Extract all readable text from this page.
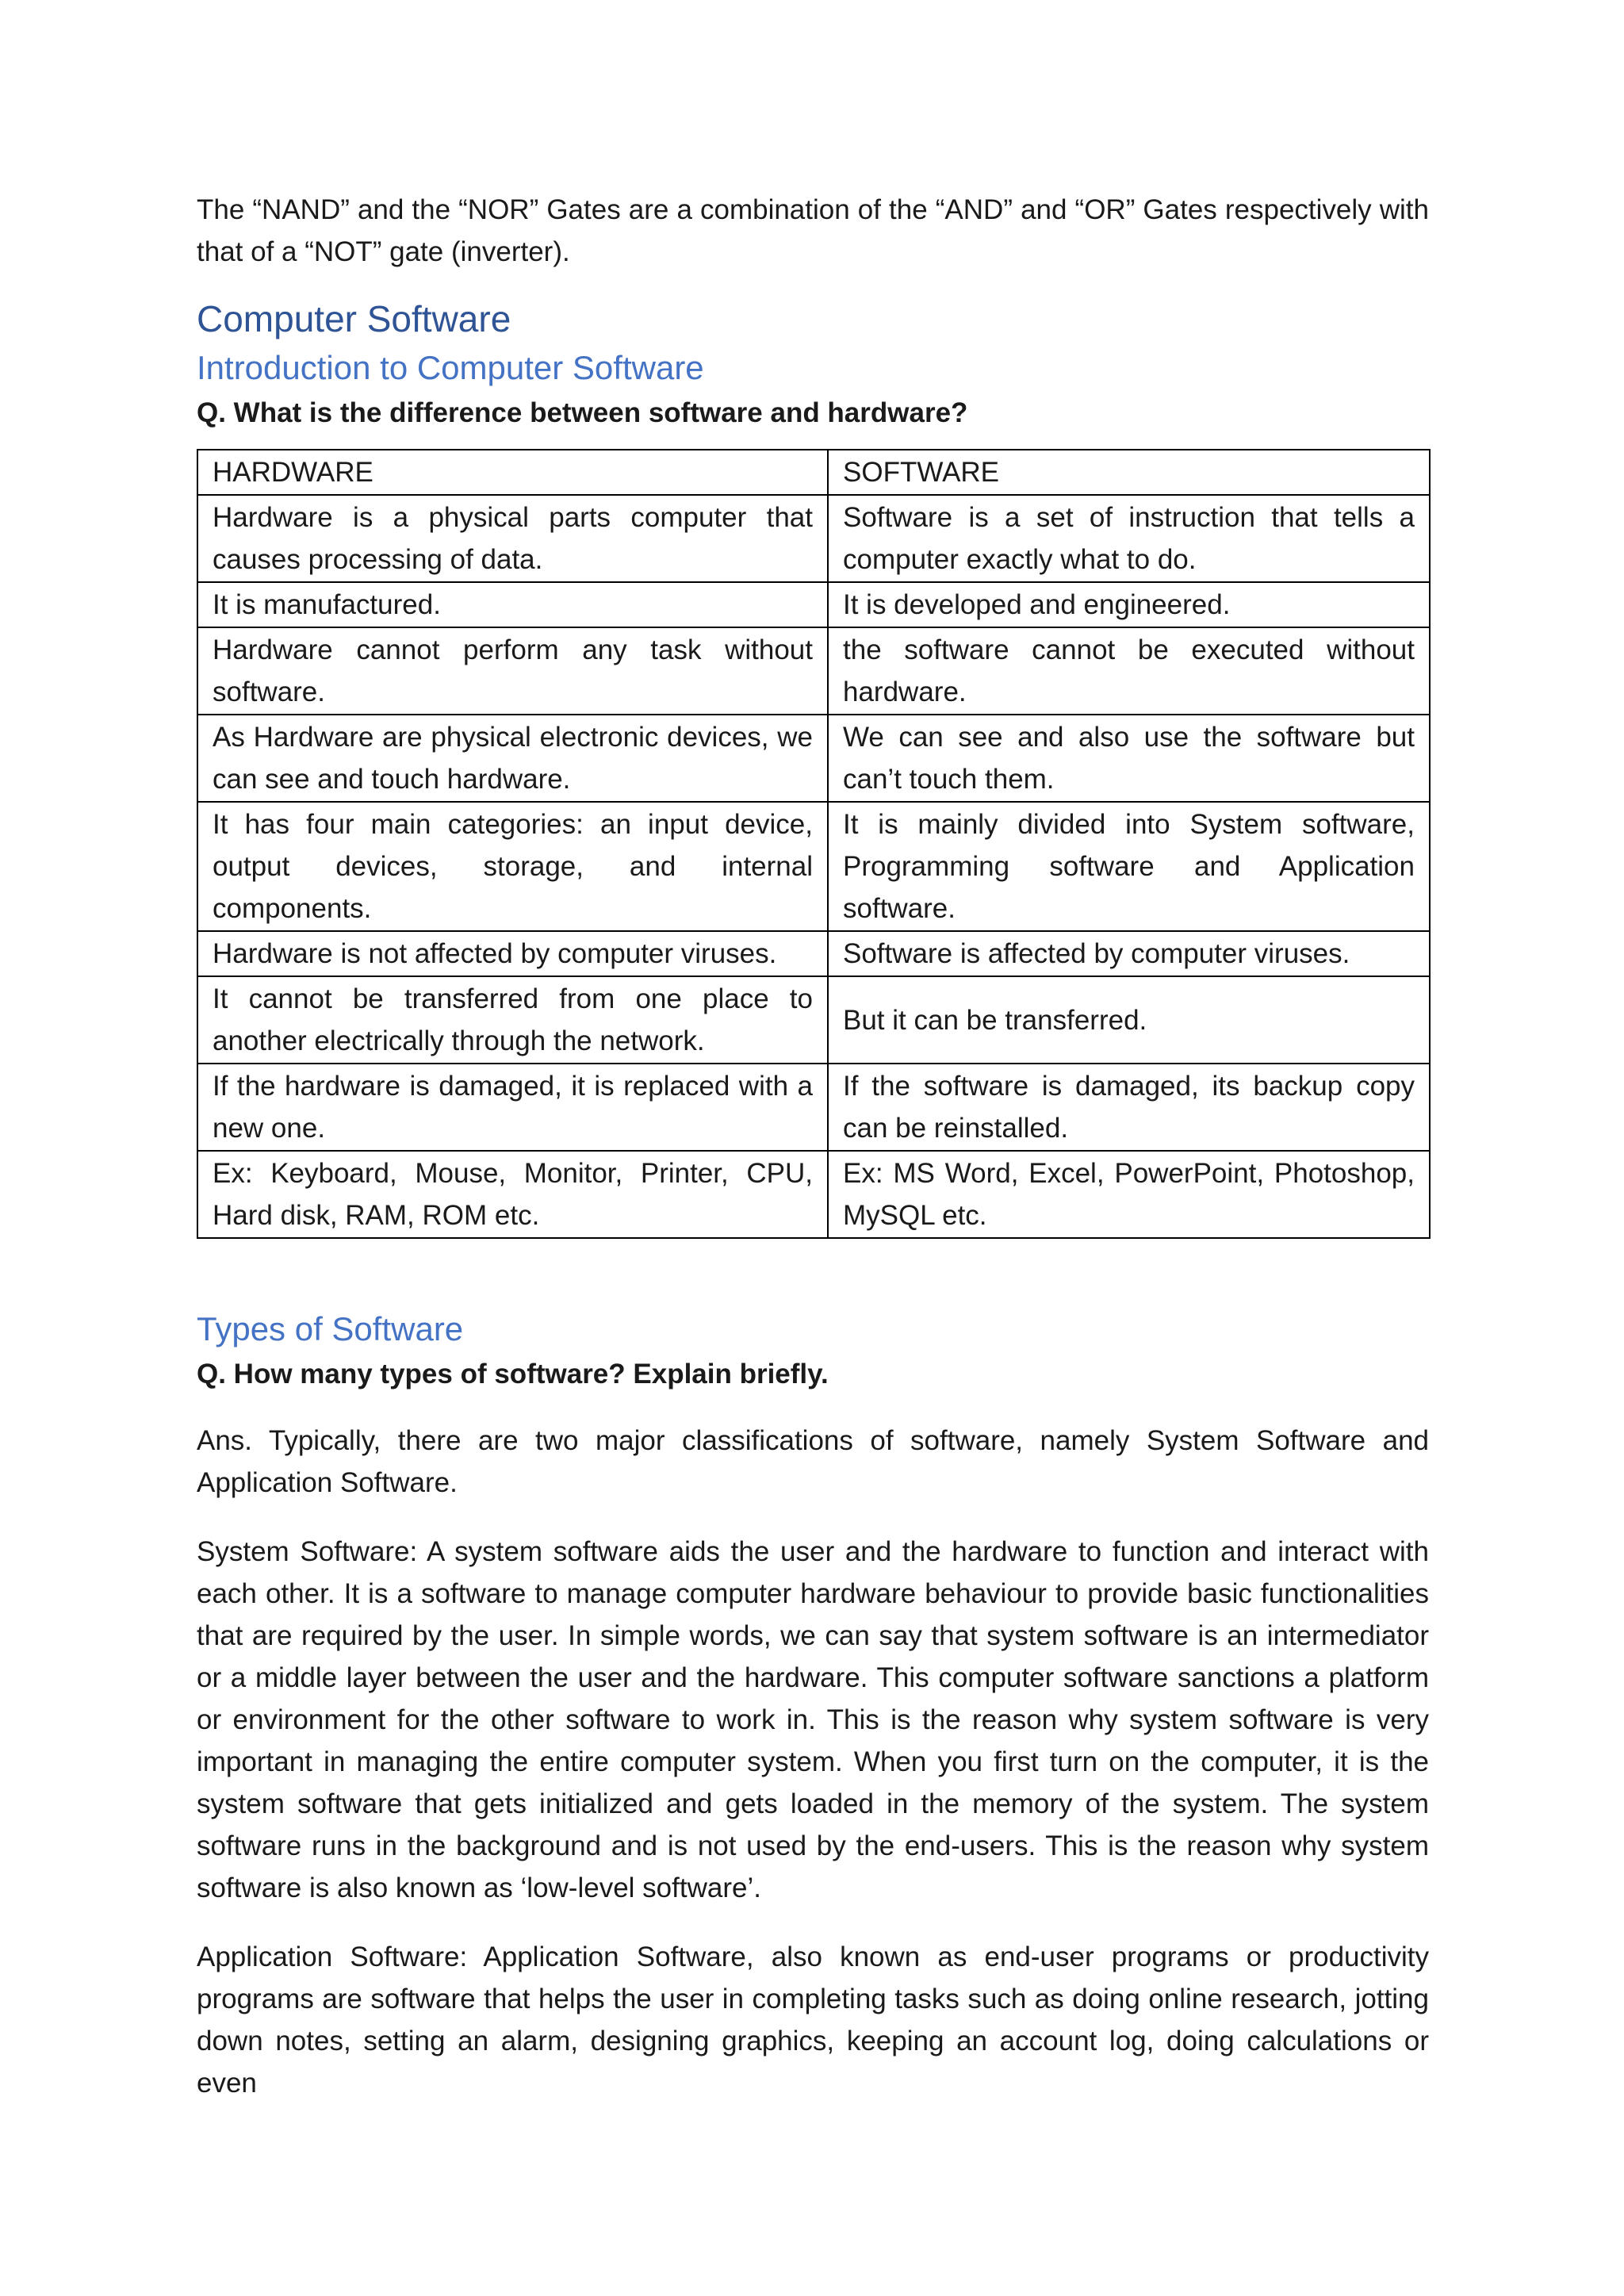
The “NAND” and the “NOR” Gates are a combination of the “AND” and “OR” Gates respectively with that of a “NOT” gate (inverter).

Computer Software
Introduction to Computer Software

Q. What is the difference between software and hardware?

HARDWARE	SOFTWARE
Hardware is a physical parts computer that causes processing of data.	Software is a set of instruction that tells a computer exactly what to do.
It is manufactured.	It is developed and engineered.
Hardware cannot perform any task without software.	the software cannot be executed without hardware.
As Hardware are physical electronic devices, we can see and touch hardware.	We can see and also use the software but can’t touch them.
It has four main categories: an input device, output devices, storage, and internal components.	It is mainly divided into System software, Programming software and Application software.
Hardware is not affected by computer viruses.	Software is affected by computer viruses.
It cannot be transferred from one place to another electrically through the network.	But it can be transferred.
If the hardware is damaged, it is replaced with a new one.	If the software is damaged, its backup copy can be reinstalled.
Ex: Keyboard, Mouse, Monitor, Printer, CPU, Hard disk, RAM, ROM etc.	Ex: MS Word, Excel, PowerPoint, Photoshop, MySQL etc.
Types of Software

Q. How many types of software? Explain briefly.

Ans. Typically, there are two major classifications of software, namely System Software and Application Software.

System Software: A system software aids the user and the hardware to function and interact with each other. It is a software to manage computer hardware behaviour to provide basic functionalities that are required by the user. In simple words, we can say that system software is an intermediator or a middle layer between the user and the hardware. This computer software sanctions a platform or environment for the other software to work in. This is the reason why system software is very important in managing the entire computer system. When you first turn on the computer, it is the system software that gets initialized and gets loaded in the memory of the system. The system software runs in the background and is not used by the end-users. This is the reason why system software is also known as ‘low-level software’.

Application Software: Application Software, also known as end-user programs or productivity programs are software that helps the user in completing tasks such as doing online research, jotting down notes, setting an alarm, designing graphics, keeping an account log, doing calculations or even
